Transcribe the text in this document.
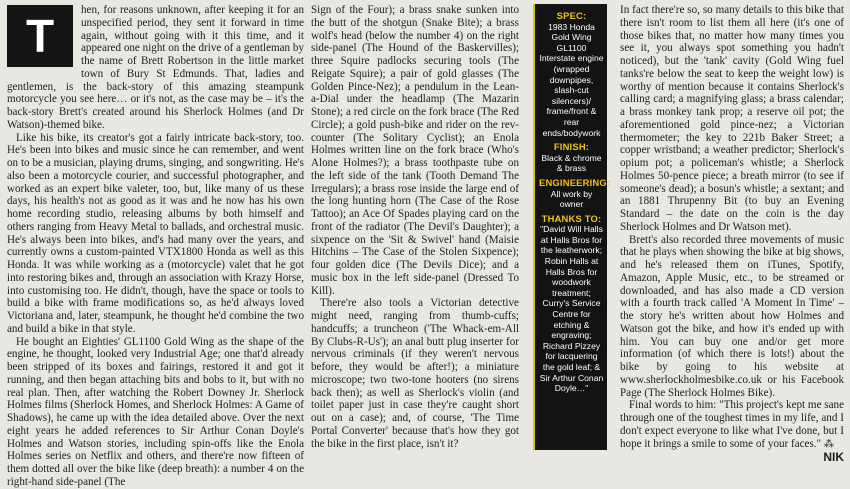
T	hen, for reasons unknown, after keeping it for an unspecified period, they sent it forward in time again, without going with it this time, and it appeared one night on the drive of a gentleman by the name of Brett Robertson in the little market town of Bury St Edmunds. That, ladies and gentlemen, is the back-story of this amazing steampunk motorcycle you see here… or it's not, as the case may be – it's the back-story Brett's created around his Sherlock Holmes (and Dr Watson)-themed bike.

Like his bike, its creator's got a fairly intricate back-story, too. He's been into bikes and music since he can remember, and went on to be a musician, playing drums, singing, and songwriting. He's also been a motorcycle courier, and successful photographer, and worked as an expert bike valeter, too, but, like many of us these days, his health's not as good as it was and he now has his own home recording studio, releasing albums by both himself and others ranging from Heavy Metal to ballads, and orchestral music. He's always been into bikes, and's had many over the years, and currently owns a custom-painted VTX1800 Honda as well as this Honda. It was while working as a (motorcycle) valet that he got into restoring bikes and, through an association with Krazy Horse, into customising too. He didn't, though, have the space or tools to build a bike with frame modifications so, as he'd always loved Victoriana and, later, steampunk, he thought he'd combine the two and build a bike in that style.

He bought an Eighties' GL1100 Gold Wing as the shape of the engine, he thought, looked very Industrial Age; one that'd already been stripped of its boxes and fairings, restored it and got it running, and then began attaching bits and bobs to it, but with no real plan. Then, after watching the Robert Downey Jr. Sherlock Holmes films (Sherlock Homes, and Sherlock Holmes: A Game of Shadows), he came up with the idea detailed above. Over the next eight years he added references to Sir Arthur Conan Doyle's Holmes and Watson stories, including spin-offs like the Enola Holmes series on Netflix and others, and there're now fifteen of them dotted all over the bike like (deep breath): a number 4 on the right-hand side-panel (The

Sign of the Four); a brass snake sunken into the butt of the shotgun (Snake Bite); a brass wolf's head (below the number 4) on the right side-panel (The Hound of the Baskervilles); three Squire padlocks securing tools (The Reigate Squire); a pair of gold glasses (The Golden Pince-Nez); a pendulum in the Lean-a-Dial under the headlamp (The Mazarin Stone); a red circle on the fork brace (The Red Circle); a gold push-bike and rider on the rev-counter (The Solitary Cyclist); an Enola Holmes written line on the fork brace (Who's Alone Holmes?); a brass toothpaste tube on the left side of the tank (Tooth Demand The Irregulars); a brass rose inside the large end of the long hunting horn (The Case of the Rose Tattoo); an Ace Of Spades playing card on the front of the radiator (The Devil's Daughter); a sixpence on the 'Sit & Swivel' hand (Maisie Hitchins – The Case of the Stolen Sixpence); four golden dice (The Devils Dice); and a music box in the left side-panel (Dressed To Kill).

There're also tools a Victorian detective might need, ranging from thumb-cuffs; handcuffs; a truncheon ('The Whack-em-All By Clubs-R-Us'); an anal butt plug inserter for nervous criminals (if they weren't nervous before, they would be after!); a miniature microscope; two two-tone hooters (no sirens back then); as well as Sherlock's violin (and toilet paper just in case they're caught short out on a case); and, of course, 'The Time Portal Converter' because that's how they got the bike in the first place, isn't it?

SPEC:
1983 Honda Gold Wing GL1100 Interstate engine (wrapped downpipes, slash-cut silencers)/ frame/front & rear ends/bodywork
FINISH:
Black & chrome & brass
ENGINEERING:
All work by owner
THANKS TO:
"David Will Halls at Halls Bros for the leatherwork; Robin Halls at Halls Bros for woodwork treatment; Curry's Service Centre for etching & engraving; Richard Pizzey for lacquering the gold leaf; & Sir Arthur Conan Doyle…"

In fact there're so, so many details to this bike that there isn't room to list them all here (it's one of those bikes that, no matter how many times you see it, you always spot something you hadn't noticed), but the 'tank' cavity (Gold Wing fuel tanks're below the seat to keep the weight low) is worthy of mention because it contains Sherlock's calling card; a magnifying glass; a brass calendar; a brass monkey tank prop; a reserve oil pot; the aforementioned gold pince-nez; a Victorian thermometer; the key to 221b Baker Street; a copper wristband; a weather predictor; Sherlock's opium pot; a policeman's whistle; a Sherlock Holmes 50-pence piece; a breath mirror (to see if someone's dead); a bosun's whistle; a sextant; and an 1881 Thrupenny Bit (to buy an Evening Standard – the date on the coin is the day Sherlock Holmes and Dr Watson met).

Brett's also recorded three movements of music that he plays when showing the bike at big shows, and he's released them on iTunes, Spotify, Amazon, Apple Music, etc., to be streamed or downloaded, and has also made a CD version with a fourth track called 'A Moment In Time' – the story he's written about how Holmes and Watson got the bike, and how it's ended up with him. You can buy one and/or get more information (of which there is lots!) about the bike by going to his website at www.sherlockholmesbike.co.uk or his Facebook Page (The Sherlock Holmes Bike).

Final words to him: "This project's kept me sane through one of the toughest times in my life, and I don't expect everyone to like what I've done, but I hope it brings a smile to some of your faces." ⁂
NIK
